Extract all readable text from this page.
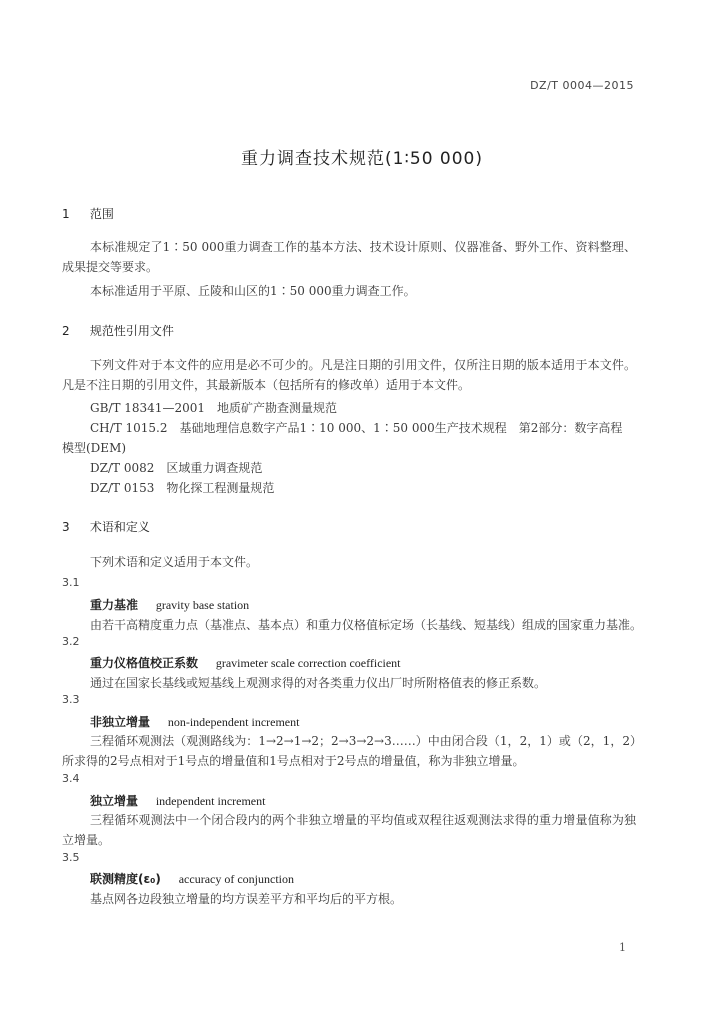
DZ/T 0004—2015
重力调查技术规范(1∶50 000)
1 范围
本标准规定了1∶50 000重力调查工作的基本方法、技术设计原则、仪器准备、野外工作、资料整理、成果提交等要求。
本标准适用于平原、丘陵和山区的1∶50 000重力调查工作。
2 规范性引用文件
下列文件对于本文件的应用是必不可少的。凡是注日期的引用文件，仅所注日期的版本适用于本文件。凡是不注日期的引用文件，其最新版本（包括所有的修改单）适用于本文件。
GB/T 18341—2001　地质矿产勘查测量规范
CH/T 1015.2　基础地理信息数字产品1∶10 000、1∶50 000生产技术规程　第2部分：数字高程
模型(DEM)
DZ/T 0082　区域重力调查规范
DZ/T 0153　物化探工程测量规范
3 术语和定义
下列术语和定义适用于本文件。
3.1
重力基准 gravity base station
由若干高精度重力点（基准点、基本点）和重力仪格值标定场（长基线、短基线）组成的国家重力基准。
3.2
重力仪格值校正系数 gravimeter scale correction coefficient
通过在国家长基线或短基线上观测求得的对各类重力仪出厂时所附格值表的修正系数。
3.3
非独立增量 non-independent increment
三程循环观测法（观测路线为：1→2→1→2；2→3→2→3……）中由闭合段（1，2，1）或（2，1，2）所求得的2号点相对于1号点的增量值和1号点相对于2号点的增量值，称为非独立增量。
3.4
独立增量 independent increment
三程循环观测法中一个闭合段内的两个非独立增量的平均值或双程往返观测法求得的重力增量值称为独立增量。
3.5
联测精度(ε₀) accuracy of conjunction
基点网各边段独立增量的均方误差平方和平均后的平方根。
1
